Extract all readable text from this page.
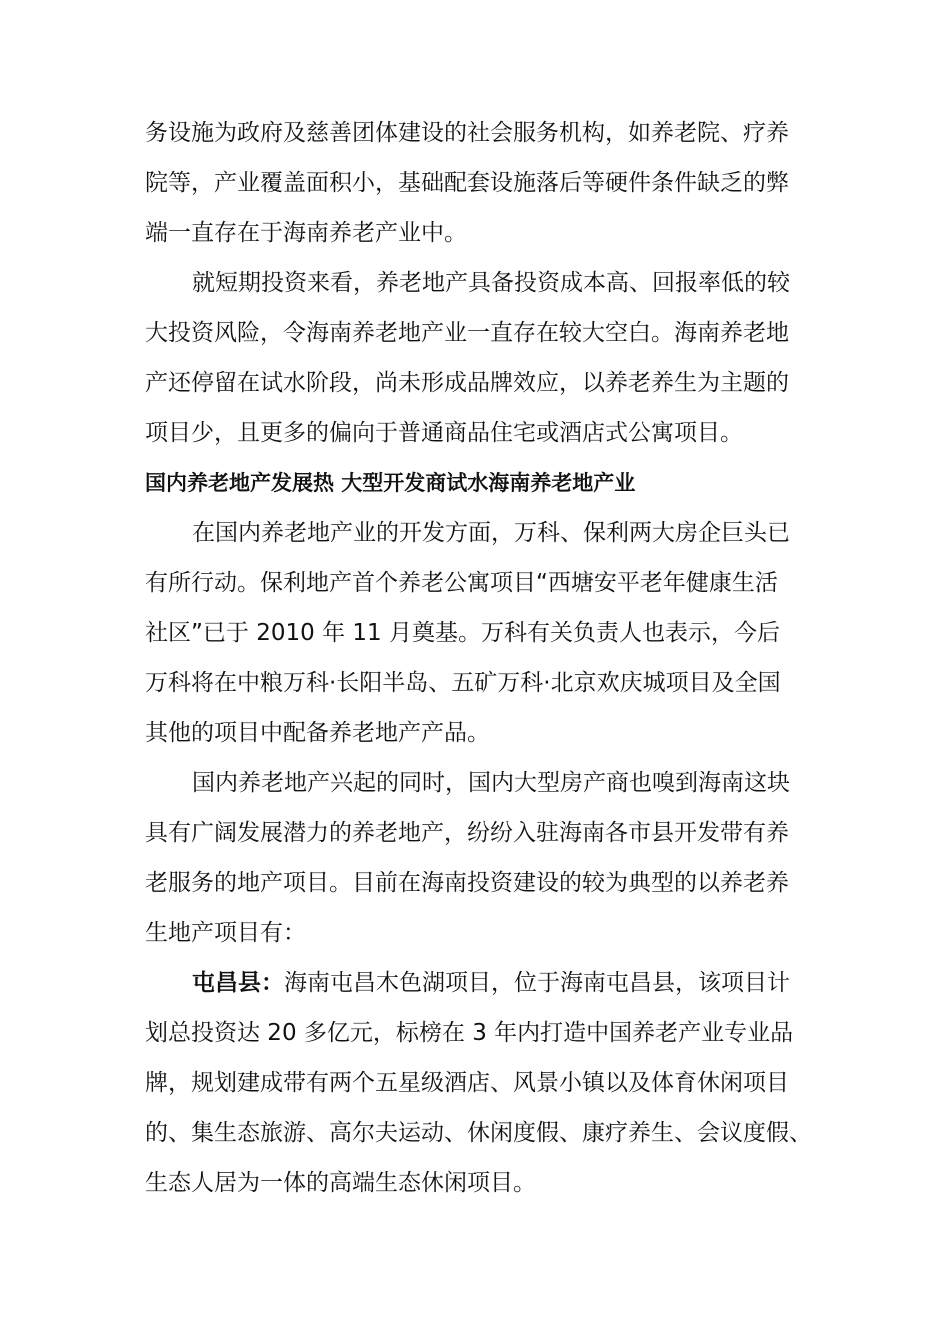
务设施为政府及慈善团体建设的社会服务机构，如养老院、疗养
院等，产业覆盖面积小，基础配套设施落后等硬件条件缺乏的弊
端一直存在于海南养老产业中。
就短期投资来看，养老地产具备投资成本高、回报率低的较
大投资风险，令海南养老地产业一直存在较大空白。海南养老地
产还停留在试水阶段，尚未形成品牌效应，以养老养生为主题的
项目少，且更多的偏向于普通商品住宅或酒店式公寓项目。
国内养老地产发展热 大型开发商试水海南养老地产业
在国内养老地产业的开发方面，万科、保利两大房企巨头已
有所行动。保利地产首个养老公寓项目“西塘安平老年健康生活
社区”已于 2010 年 11 月奠基。万科有关负责人也表示，今后
万科将在中粮万科·长阳半岛、五矿万科·北京欢庆城项目及全国
其他的项目中配备养老地产产品。
国内养老地产兴起的同时，国内大型房产商也嗅到海南这块
具有广阔发展潜力的养老地产，纷纷入驻海南各市县开发带有养
老服务的地产项目。目前在海南投资建设的较为典型的以养老养
生地产项目有：
屯昌县：海南屯昌木色湖项目，位于海南屯昌县，该项目计
划总投资达 20 多亿元，标榜在 3 年内打造中国养老产业专业品
牌，规划建成带有两个五星级酒店、风景小镇以及体育休闲项目
的、集生态旅游、高尔夫运动、休闲度假、康疗养生、会议度假、
生态人居为一体的高端生态休闲项目。
